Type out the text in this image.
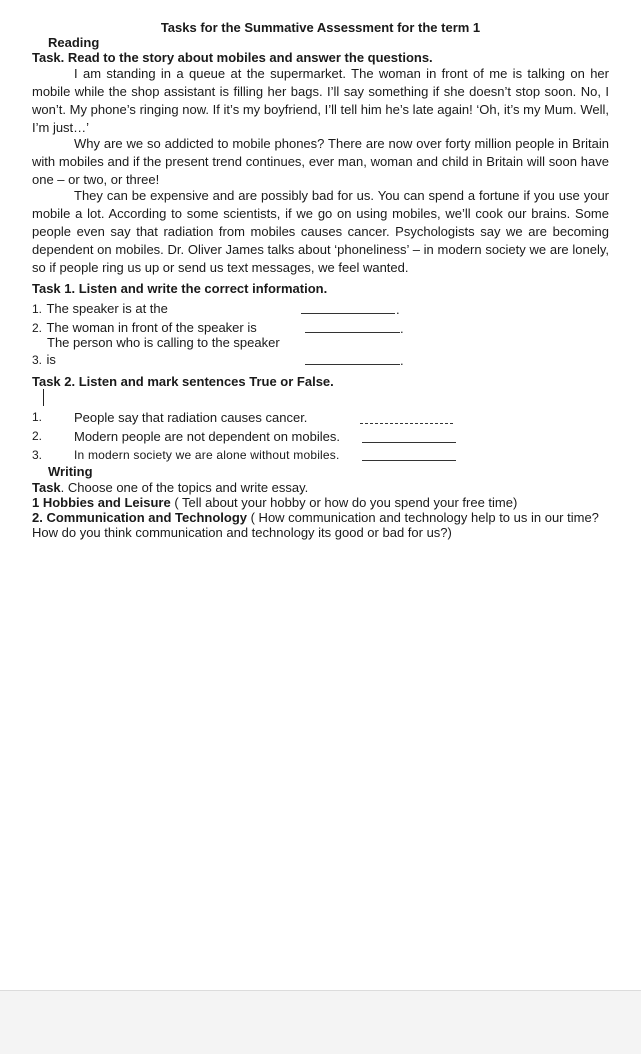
Tasks for the Summative Assessment for the term 1
Reading
Task. Read to the story about mobiles and answer the questions.

I am standing in a queue at the supermarket. The woman in front of me is talking on her mobile while the shop assistant is filling her bags. I’ll say something if she doesn’t stop soon. No, I won’t. My phone’s ringing now. If it’s my boyfriend, I’ll tell him he’s late again! ‘Oh, it’s my Mum. Well, I’m just…’

Why are we so addicted to mobile phones? There are now over forty million people in Britain with mobiles and if the present trend continues, ever man, woman and child in Britain will soon have one – or two, or three!

They can be expensive and are possibly bad for us. You can spend a fortune if you use your mobile a lot. According to some scientists, if we go on using mobiles, we’ll cook our brains. Some people even say that radiation from mobiles causes cancer. Psychologists say we are becoming dependent on mobiles. Dr. Oliver James talks about ‘phoneliness’ – in modern society we are lonely, so if people ring us up or send us text messages, we feel wanted.

Task 1. Listen and write the correct information.
1. The speaker is at the	.
2. The woman in front of the speaker is	.
The person who is calling to the speaker
3. is	.
Task 2. Listen and mark sentences True or False.
1. People say that radiation causes cancer.
2. Modern people are not dependent on mobiles.
3.	In modern society we are alone without mobiles.
Writing
Task. Choose one of the topics and write essay.
1 Hobbies and Leisure ( Tell about your hobby or how do you spend your free time)
2. Communication and Technology ( How communication and technology help to us in our time?
How do you think communication and technology its good or bad for us?)
